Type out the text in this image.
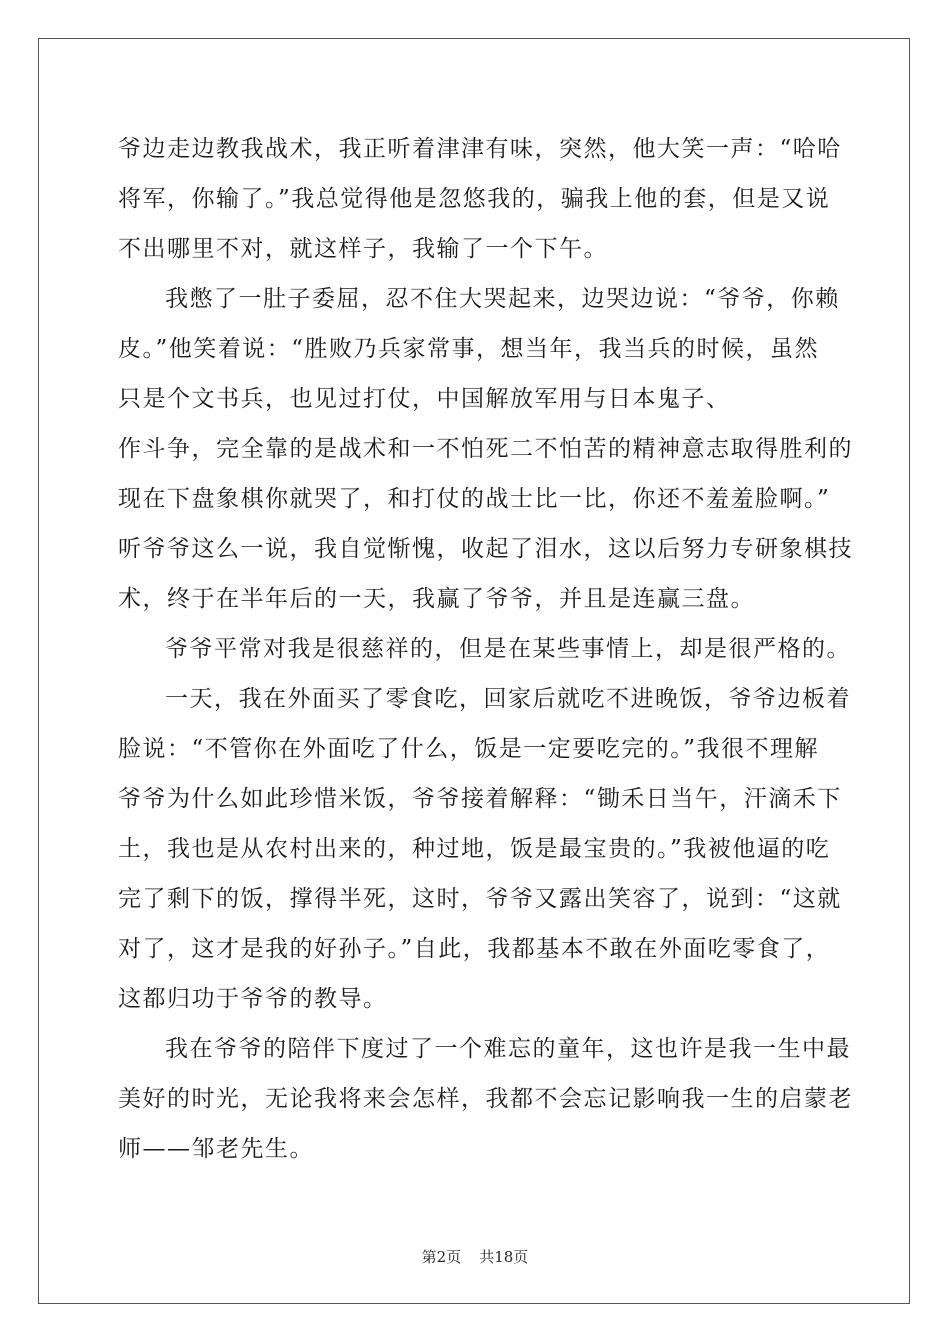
爷边走边教我战术，我正听着津津有味，突然，他大笑一声：“哈哈

将军，你输了。”我总觉得他是忽悠我的，骗我上他的套，但是又说

不出哪里不对，就这样子，我输了一个下午。

我憋了一肚子委屈，忍不住大哭起来，边哭边说：“爷爷，你赖

皮。”他笑着说：“胜败乃兵家常事，想当年，我当兵的时候，虽然

只是个文书兵，也见过打仗，中国解放军用与日本鬼子、

作斗争，完全靠的是战术和一不怕死二不怕苦的精神意志取得胜利的

现在下盘象棋你就哭了，和打仗的战士比一比，你还不羞羞脸啊。”

听爷爷这么一说，我自觉惭愧，收起了泪水，这以后努力专研象棋技

术，终于在半年后的一天，我赢了爷爷，并且是连赢三盘。

爷爷平常对我是很慈祥的，但是在某些事情上，却是很严格的。

一天，我在外面买了零食吃，回家后就吃不进晚饭，爷爷边板着

脸说：“不管你在外面吃了什么，饭是一定要吃完的。”我很不理解

爷爷为什么如此珍惜米饭，爷爷接着解释：“锄禾日当午，汗滴禾下

土，我也是从农村出来的，种过地，饭是最宝贵的。”我被他逼的吃

完了剩下的饭，撑得半死，这时，爷爷又露出笑容了，说到：“这就

对了，这才是我的好孙子。”自此，我都基本不敢在外面吃零食了，

这都归功于爷爷的教导。

我在爷爷的陪伴下度过了一个难忘的童年，这也许是我一生中最

美好的时光，无论我将来会怎样，我都不会忘记影响我一生的启蒙老

师——邹老先生。

第2页 共18页
